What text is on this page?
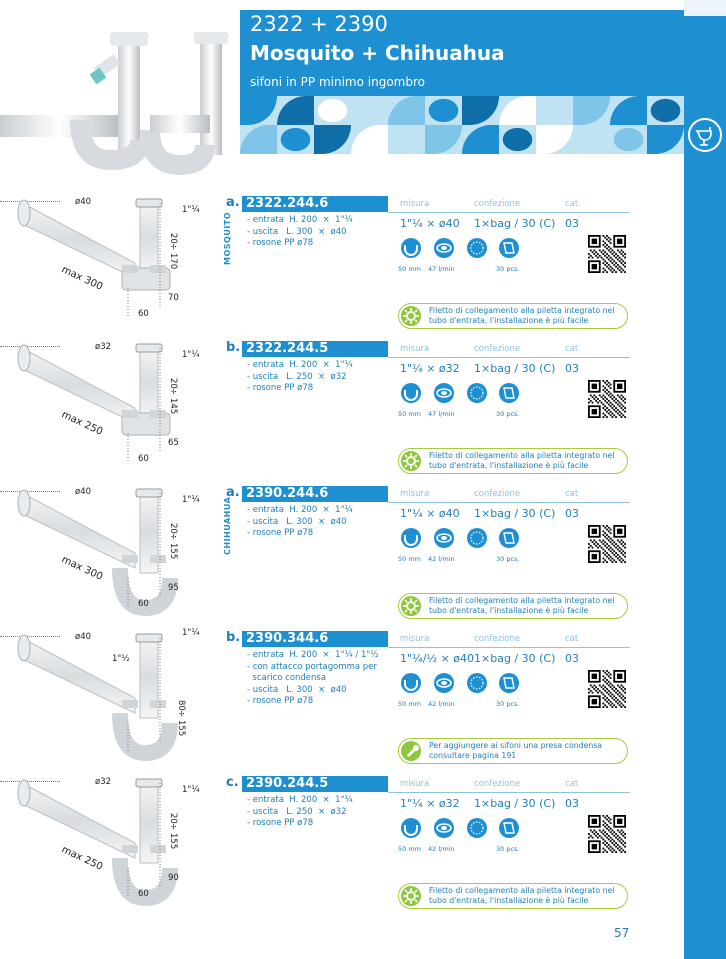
2322 + 2390
Mosquito + Chihuahua
sifoni in PP minimo ingombro
ø40
1"¼
max 300
20
÷
170
70
60
MOSQUITO
a. 2322.244.6	misura	confezione	cat
- entrata  H. 200  ×  1"¼
- uscita   L. 300  ×  ø40
- rosone PP ø78
1"¼ × ø40 1×bag / 30 (C) 03
50 mm 47 l/min	30 pcs.
Filetto di collegamento alla piletta integrato nel tubo d'entrata, l'installazione è più facile
ø32
1"¼
max 250
20
÷
145
65
60
b. 2322.244.5	misura	confezione	cat
- entrata  H. 200  ×  1"¼
- uscita   L. 250  ×  ø32
- rosone PP ø78
1"¼ × ø32 1×bag / 30 (C) 03
50 mm 47 l/min	30 pcs.
Filetto di collegamento alla piletta integrato nel tubo d'entrata, l'installazione è più facile
ø40
1"¼
max 300
20
÷
155
95
60
CHIHUAHUA
a. 2390.244.6	misura	confezione	cat
- entrata  H. 200  ×  1"¼
- uscita   L. 300  ×  ø40
- rosone PP ø78
1"¼ × ø40 1×bag / 30 (C) 03
50 mm 42 l/min	30 pcs.
Filetto di collegamento alla piletta integrato nel tubo d'entrata, l'installazione è più facile
ø40	1"¼
1"½
80
÷
155
b. 2390.344.6	misura	confezione	cat
- entrata  H. 200  ×  1"¼ / 1"½
- con attacco portagomma per
scarico condensa
- uscita   L. 300  ×  ø40
- rosone PP ø78
1"¼/½ × ø40 1×bag / 30 (C) 03
50 mm 42 l/min	30 pcs.
Per aggiungere ai sifoni una presa condensa consultare pagina 191
ø32
1"¼
max 250
20
÷
155
90
60
c. 2390.244.5	misura	confezione	cat
- entrata  H. 200  ×  1"¼
- uscita   L. 250  ×  ø32
- rosone PP ø78
1"¼ × ø32 1×bag / 30 (C) 03
50 mm 42 l/min	30 pcs.
Filetto di collegamento alla piletta integrato nel tubo d'entrata, l'installazione è più facile
57
